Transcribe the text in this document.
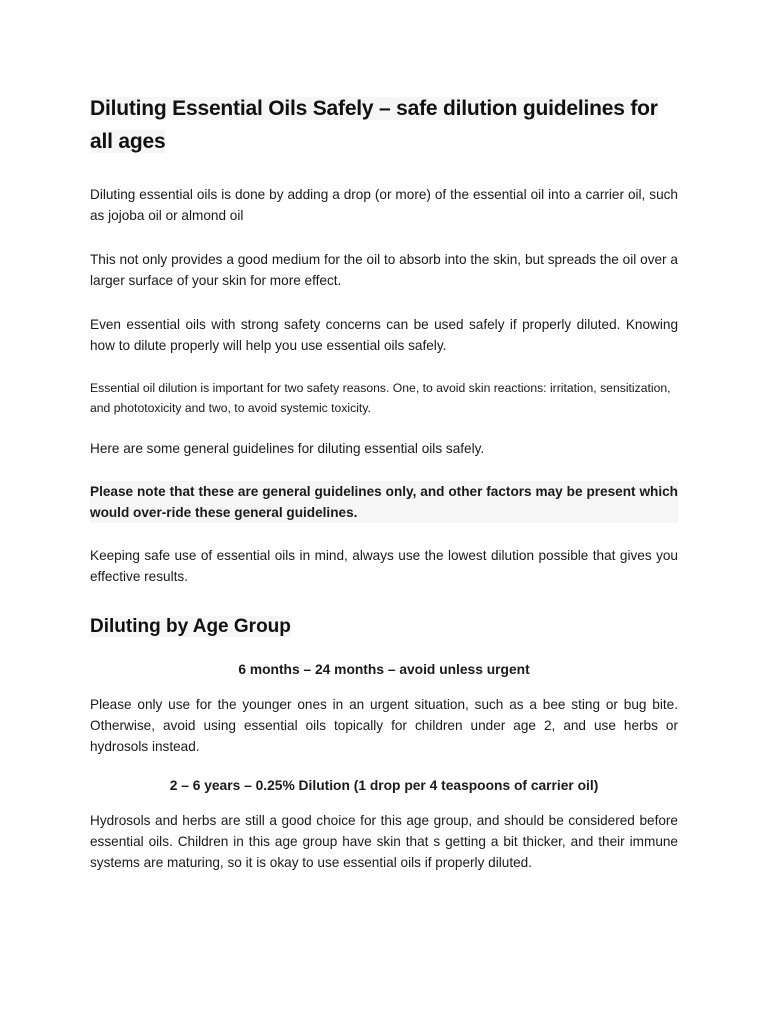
Diluting Essential Oils Safely – safe dilution guidelines for all ages

Diluting essential oils is done by adding a drop (or more) of the essential oil into a carrier oil, such as jojoba oil or almond oil

This not only provides a good medium for the oil to absorb into the skin, but spreads the oil over a larger surface of your skin for more effect.

Even essential oils with strong safety concerns can be used safely if properly diluted. Knowing how to dilute properly will help you use essential oils safely.

Essential oil dilution is important for two safety reasons. One, to avoid skin reactions: irritation, sensitization, and phototoxicity and two, to avoid systemic toxicity.

Here are some general guidelines for diluting essential oils safely.

Please note that these are general guidelines only, and other factors may be present which would over-ride these general guidelines.

Keeping safe use of essential oils in mind, always use the lowest dilution possible that gives you effective results.

Diluting by Age Group
6 months – 24 months – avoid unless urgent

Please only use for the younger ones in an urgent situation, such as a bee sting or bug bite. Otherwise, avoid using essential oils topically for children under age 2, and use herbs or hydrosols instead.

2 – 6 years – 0.25% Dilution (1 drop per 4 teaspoons of carrier oil)

Hydrosols and herbs are still a good choice for this age group, and should be considered before essential oils. Children in this age group have skin that s getting a bit thicker, and their immune systems are maturing, so it is okay to use essential oils if properly diluted.
